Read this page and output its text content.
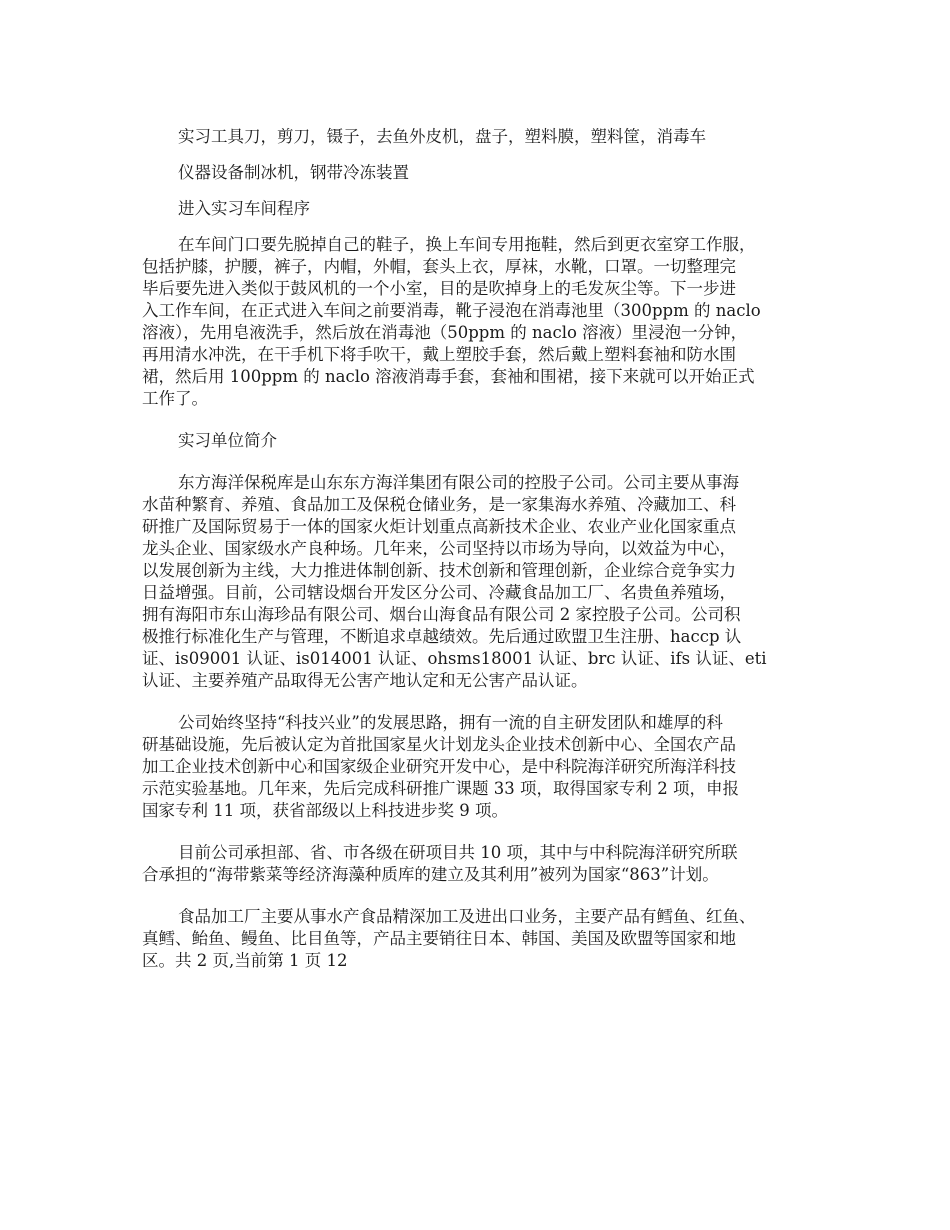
实习工具刀，剪刀，镊子，去鱼外皮机，盘子，塑料膜，塑料筐，消毒车
仪器设备制冰机，钢带冷冻装置
进入实习车间程序
在车间门口要先脱掉自己的鞋子，换上车间专用拖鞋，然后到更衣室穿工作服，
包括护膝，护腰，裤子，内帽，外帽，套头上衣，厚袜，水靴，口罩。一切整理完
毕后要先进入类似于鼓风机的一个小室，目的是吹掉身上的毛发灰尘等。下一步进
入工作车间，在正式进入车间之前要消毒，靴子浸泡在消毒池里（300ppm 的 naclo
溶液），先用皂液洗手，然后放在消毒池（50ppm 的 naclo 溶液）里浸泡一分钟，
再用清水冲洗，在干手机下将手吹干，戴上塑胶手套，然后戴上塑料套袖和防水围
裙，然后用 100ppm 的 naclo 溶液消毒手套，套袖和围裙，接下来就可以开始正式
工作了。
实习单位简介
东方海洋保税库是山东东方海洋集团有限公司的控股子公司。公司主要从事海
水苗种繁育、养殖、食品加工及保税仓储业务，是一家集海水养殖、冷藏加工、科
研推广及国际贸易于一体的国家火炬计划重点高新技术企业、农业产业化国家重点
龙头企业、国家级水产良种场。几年来，公司坚持以市场为导向，以效益为中心，
以发展创新为主线，大力推进体制创新、技术创新和管理创新，企业综合竞争实力
日益增强。目前，公司辖设烟台开发区分公司、冷藏食品加工厂、名贵鱼养殖场，
拥有海阳市东山海珍品有限公司、烟台山海食品有限公司 2 家控股子公司。公司积
极推行标准化生产与管理，不断追求卓越绩效。先后通过欧盟卫生注册、haccp 认
证、is09001 认证、is014001 认证、ohsms18001 认证、brc 认证、ifs 认证、eti
认证、主要养殖产品取得无公害产地认定和无公害产品认证。
公司始终坚持“科技兴业”的发展思路，拥有一流的自主研发团队和雄厚的科
研基础设施，先后被认定为首批国家星火计划龙头企业技术创新中心、全国农产品
加工企业技术创新中心和国家级企业研究开发中心，是中科院海洋研究所海洋科技
示范实验基地。几年来，先后完成科研推广课题 33 项，取得国家专利 2 项，申报
国家专利 11 项，获省部级以上科技进步奖 9 项。
目前公司承担部、省、市各级在研项目共 10 项，其中与中科院海洋研究所联
合承担的“海带紫菜等经济海藻种质库的建立及其利用”被列为国家“863”计划。
食品加工厂主要从事水产食品精深加工及进出口业务，主要产品有鳕鱼、红鱼、
真鳕、鲐鱼、鳗鱼、比目鱼等，产品主要销往日本、韩国、美国及欧盟等国家和地
区。共 2 页,当前第 1 页 12
